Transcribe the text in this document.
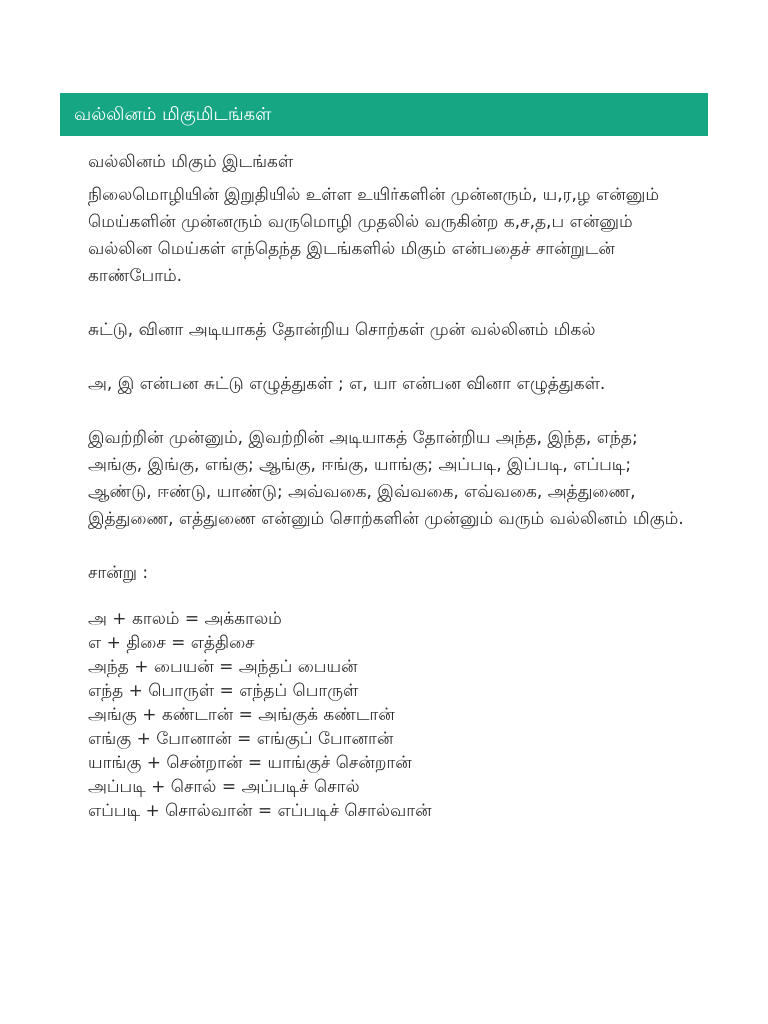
வல்லினம் மிகுமிடங்கள்

வல்லினம் மிகும் இடங்கள்

நிலைமொழியின் இறுதியில் உள்ள உயிர்களின் முன்னரும், ய,ர,ழ என்னும் மெய்களின் முன்னரும் வருமொழி முதலில் வருகின்ற க,ச,த,ப என்னும் வல்லின மெய்கள் எந்தெந்த இடங்களில் மிகும் என்பதைச் சான்றுடன் காண்போம்.

சுட்டு, வினா அடியாகத் தோன்றிய சொற்கள் முன் வல்லினம் மிகல்

அ, இ என்பன சுட்டு எழுத்துகள் ; எ, யா என்பன வினா எழுத்துகள்.

இவற்றின் முன்னும், இவற்றின் அடியாகத் தோன்றிய அந்த, இந்த, எந்த; அங்கு, இங்கு, எங்கு; ஆங்கு, ஈங்கு, யாங்கு; அப்படி, இப்படி, எப்படி; ஆண்டு, ஈண்டு, யாண்டு; அவ்வகை, இவ்வகை, எவ்வகை, அத்துணை, இத்துணை, எத்துணை என்னும் சொற்களின் முன்னும் வரும் வல்லினம் மிகும்.

சான்று :

அ + காலம் = அக்காலம்
எ + திசை = எத்திசை
அந்த + பையன் = அந்தப் பையன்
எந்த + பொருள் = எந்தப் பொருள்
அங்கு + கண்டான் = அங்குக் கண்டான்
எங்கு + போனான் = எங்குப் போனான்
யாங்கு + சென்றான் = யாங்குச் சென்றான்
அப்படி + சொல் = அப்படிச் சொல்
எப்படி + சொல்வான் = எப்படிச் சொல்வான்
